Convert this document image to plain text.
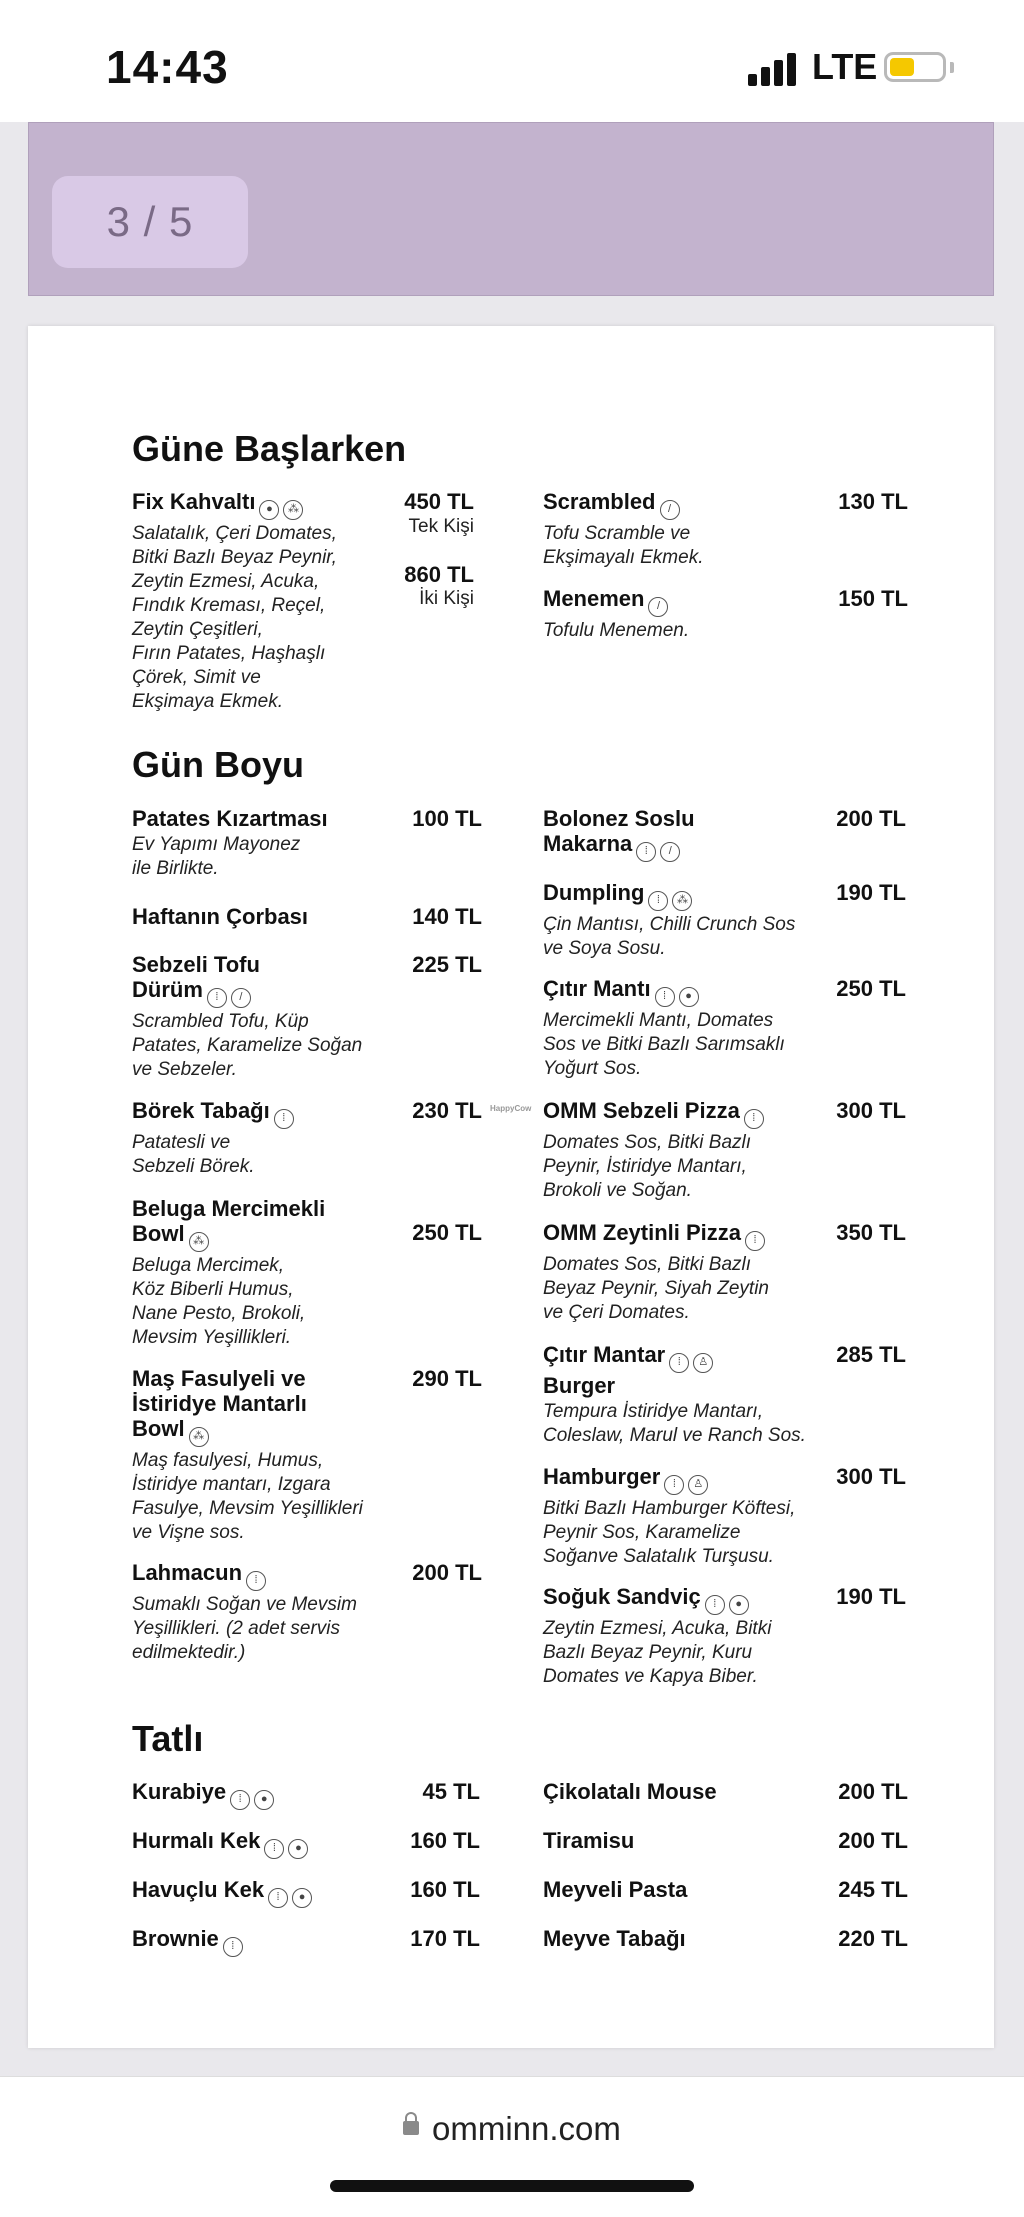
14:43	LTE
3 / 5
Güne Başlarken
Fix Kahvaltı ● ⁂
Salatalık, Çeri Domates,
Bitki Bazlı Beyaz Peynir,
Zeytin Ezmesi, Acuka,
Fındık Kreması, Reçel,
Zeytin Çeşitleri,
Fırın Patates, Haşhaşlı
Çörek, Simit ve
Ekşimaya Ekmek.
450 TL
Tek Kişi
860 TL
İki Kişi
Scrambled /
Tofu Scramble ve
Ekşimayalı Ekmek.
130 TL
Menemen /
Tofulu Menemen.
150 TL
Gün Boyu
Patates Kızartması
Ev Yapımı Mayonez
ile Birlikte.
100 TL
Haftanın Çorbası	140 TL
Sebzeli Tofu
Dürüm ⁞ /
Scrambled Tofu, Küp
Patates, Karamelize Soğan
ve Sebzeler.
225 TL
Börek Tabağı ⁞
Patatesli ve
Sebzeli Börek.
230 TL
Beluga Mercimekli
Bowl ⁂
Beluga Mercimek,
Köz Biberli Humus,
Nane Pesto, Brokoli,
Mevsim Yeşillikleri.
250 TL
Maş Fasulyeli ve
İstiridye Mantarlı
Bowl ⁂
Maş fasulyesi, Humus,
İstiridye mantarı, Izgara
Fasulye, Mevsim Yeşillikleri
ve Vişne sos.
290 TL
Lahmacun ⁞
Sumaklı Soğan ve Mevsim
Yeşillikleri. (2 adet servis
edilmektedir.)
200 TL
HappyCow
Bolonez Soslu
Makarna ⁞ /
200 TL
Dumpling ⁞ ⁂
Çin Mantısı, Chilli Crunch Sos
ve Soya Sosu.
190 TL
Çıtır Mantı ⁞ ●
Mercimekli Mantı, Domates
Sos ve Bitki Bazlı Sarımsaklı
Yoğurt Sos.
250 TL
OMM Sebzeli Pizza ⁞
Domates Sos, Bitki Bazlı
Peynir, İstiridye Mantarı,
Brokoli ve Soğan.
300 TL
OMM Zeytinli Pizza ⁞
Domates Sos, Bitki Bazlı
Beyaz Peynir, Siyah Zeytin
ve Çeri Domates.
350 TL
Çıtır Mantar ⁞ ♙
Burger
Tempura İstiridye Mantarı,
Coleslaw, Marul ve Ranch Sos.
285 TL
Hamburger ⁞ ♙
Bitki Bazlı Hamburger Köftesi,
Peynir Sos, Karamelize
Soğanve Salatalık Turşusu.
300 TL
Soğuk Sandviç ⁞ ●
Zeytin Ezmesi, Acuka, Bitki
Bazlı Beyaz Peynir, Kuru
Domates ve Kapya Biber.
190 TL
Tatlı
Kurabiye ⁞ ●	45 TL
Hurmalı Kek ⁞ ●	160 TL
Havuçlu Kek ⁞ ●	160 TL
Brownie ⁞	170 TL
Çikolatalı Mouse	200 TL
Tiramisu	200 TL
Meyveli Pasta	245 TL
Meyve Tabağı	220 TL
omminn.com
